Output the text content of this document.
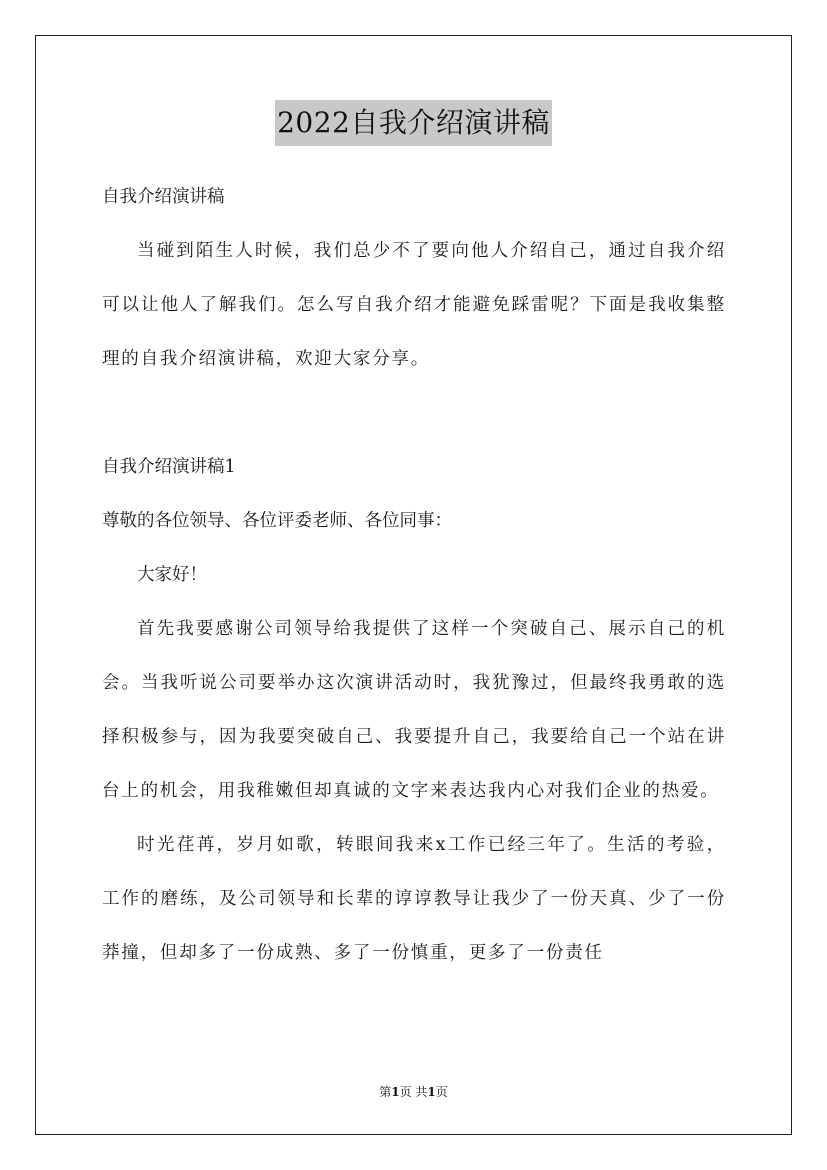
2022自我介绍演讲稿

自我介绍演讲稿

当碰到陌生人时候，我们总少不了要向他人介绍自己，通过自我介绍可以让他人了解我们。怎么写自我介绍才能避免踩雷呢？下面是我收集整理的自我介绍演讲稿，欢迎大家分享。

自我介绍演讲稿1

尊敬的各位领导、各位评委老师、各位同事：

大家好！

首先我要感谢公司领导给我提供了这样一个突破自己、展示自己的机会。当我听说公司要举办这次演讲活动时，我犹豫过，但最终我勇敢的选择积极参与，因为我要突破自己、我要提升自己，我要给自己一个站在讲台上的机会，用我稚嫩但却真诚的文字来表达我内心对我们企业的热爱。

时光荏苒，岁月如歌，转眼间我来x工作已经三年了。生活的考验，工作的磨练，及公司领导和长辈的谆谆教导让我少了一份天真、少了一份莽撞，但却多了一份成熟、多了一份慎重，更多了一份责任

第1页 共1页
